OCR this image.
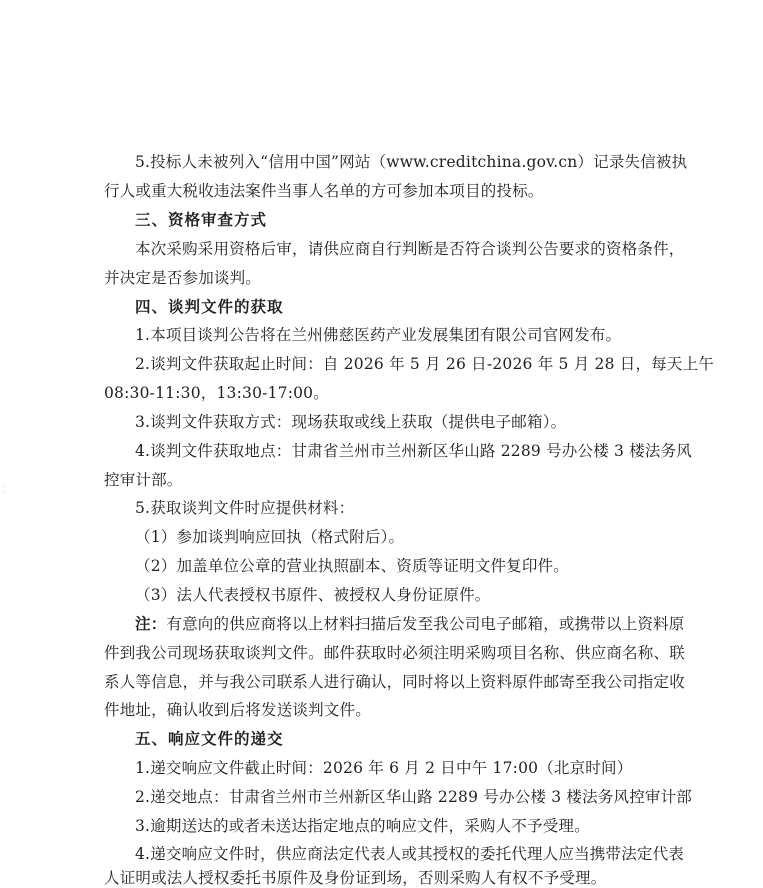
5.投标人未被列入“信用中国”网站（www.creditchina.gov.cn）记录失信被执
行人或重大税收违法案件当事人名单的方可参加本项目的投标。
三、资格审查方式
本次采购采用资格后审，请供应商自行判断是否符合谈判公告要求的资格条件，
并决定是否参加谈判。
四、谈判文件的获取
1.本项目谈判公告将在兰州佛慈医药产业发展集团有限公司官网发布。
2.谈判文件获取起止时间：自 2026 年 5 月 26 日-2026 年 5 月 28 日，每天上午
08:30-11:30，13:30-17:00。
3.谈判文件获取方式：现场获取或线上获取（提供电子邮箱）。
4.谈判文件获取地点：甘肃省兰州市兰州新区华山路 2289 号办公楼 3 楼法务风
控审计部。
5.获取谈判文件时应提供材料：
（1）参加谈判响应回执（格式附后）。
（2）加盖单位公章的营业执照副本、资质等证明文件复印件。
（3）法人代表授权书原件、被授权人身份证原件。
注：有意向的供应商将以上材料扫描后发至我公司电子邮箱，或携带以上资料原
件到我公司现场获取谈判文件。邮件获取时必须注明采购项目名称、供应商名称、联
系人等信息，并与我公司联系人进行确认，同时将以上资料原件邮寄至我公司指定收
件地址，确认收到后将发送谈判文件。
五、响应文件的递交
1.递交响应文件截止时间：2026 年 6 月 2 日中午 17:00（北京时间）
2.递交地点：甘肃省兰州市兰州新区华山路 2289 号办公楼 3 楼法务风控审计部
3.逾期送达的或者未送达指定地点的响应文件，采购人不予受理。
4.递交响应文件时，供应商法定代表人或其授权的委托代理人应当携带法定代表
人证明或法人授权委托书原件及身份证到场，否则采购人有权不予受理。
